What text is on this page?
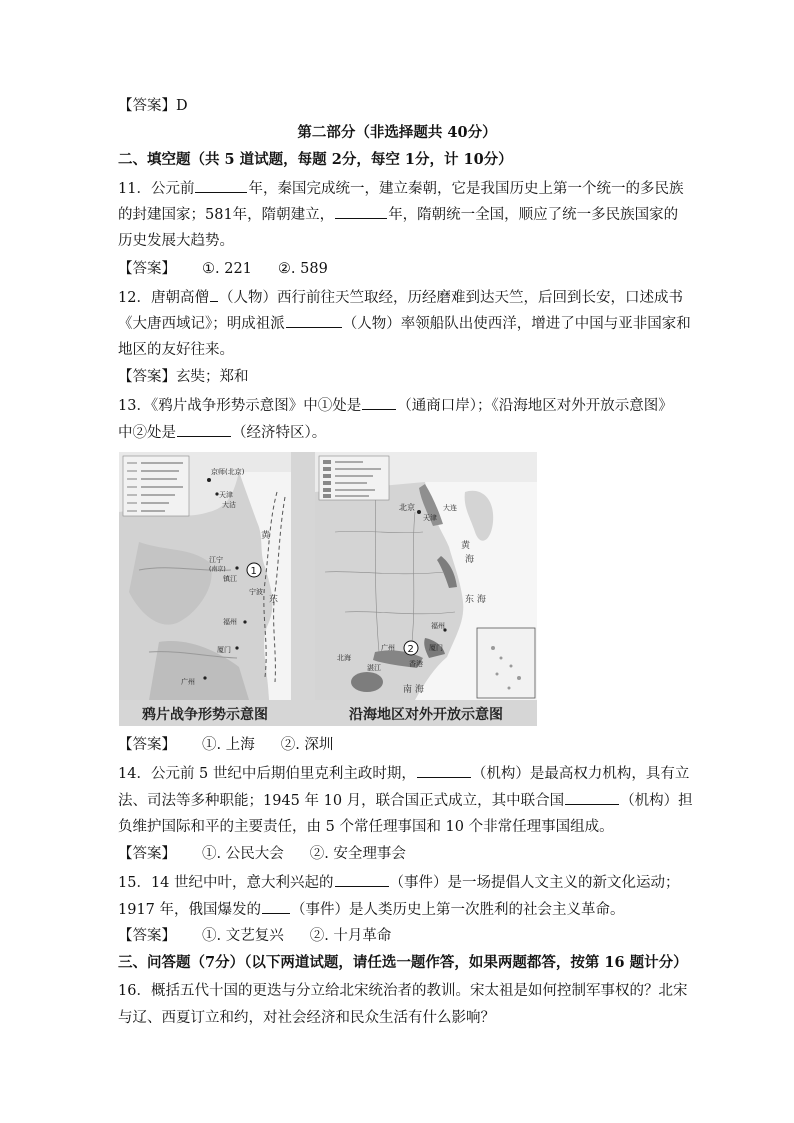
【答案】D
第二部分（非选择题共 40分）
二、填空题（共 5 道试题，每题 2分，每空 1分，计 10分）
11．公元前	年，秦国完成统一，建立秦朝，它是我国历史上第一个统一的多民族
的封建国家；581年，隋朝建立，	年，隋朝统一全国，顺应了统一多民族国家的
历史发展大趋势。
【答案】 ①. 221 ②. 589
12．唐朝高僧 （人物）西行前往天竺取经，历经磨难到达天竺，后回到长安，口述成书
《大唐西域记》；明成祖派	（人物）率领船队出使西洋，增进了中国与亚非国家和
地区的友好往来。
【答案】玄奘；郑和
13．《鸦片战争形势示意图》中①处是 （通商口岸）；《沿海地区对外开放示意图》
中②处是	（经济特区）。
京师(北京)
天津
大沽
黄
江宁
(南京)
镇江
1
宁波
东
福州
厦门
广州
鸦片战争形势示意图
北京
天津
大连
黄
海
东 海
福州
厦门
广州 2
香港
湛江
北海
南 海
沿海地区对外开放示意图
【答案】 ①. 上海 ②. 深圳
14．公元前 5 世纪中后期伯里克利主政时期，	（机构）是最高权力机构，具有立
法、司法等多种职能；1945 年 10 月，联合国正式成立，其中联合国	（机构）担
负维护国际和平的主要责任，由 5 个常任理事国和 10 个非常任理事国组成。
【答案】 ①. 公民大会 ②. 安全理事会
15．14 世纪中叶，意大利兴起的	（事件）是一场提倡人文主义的新文化运动；
1917 年，俄国爆发的 （事件）是人类历史上第一次胜利的社会主义革命。
【答案】 ①. 文艺复兴 ②. 十月革命
三、问答题（7分）（以下两道试题，请任选一题作答，如果两题都答，按第 16 题计分）
16．概括五代十国的更迭与分立给北宋统治者的教训。宋太祖是如何控制军事权的？北宋
与辽、西夏订立和约，对社会经济和民众生活有什么影响？
